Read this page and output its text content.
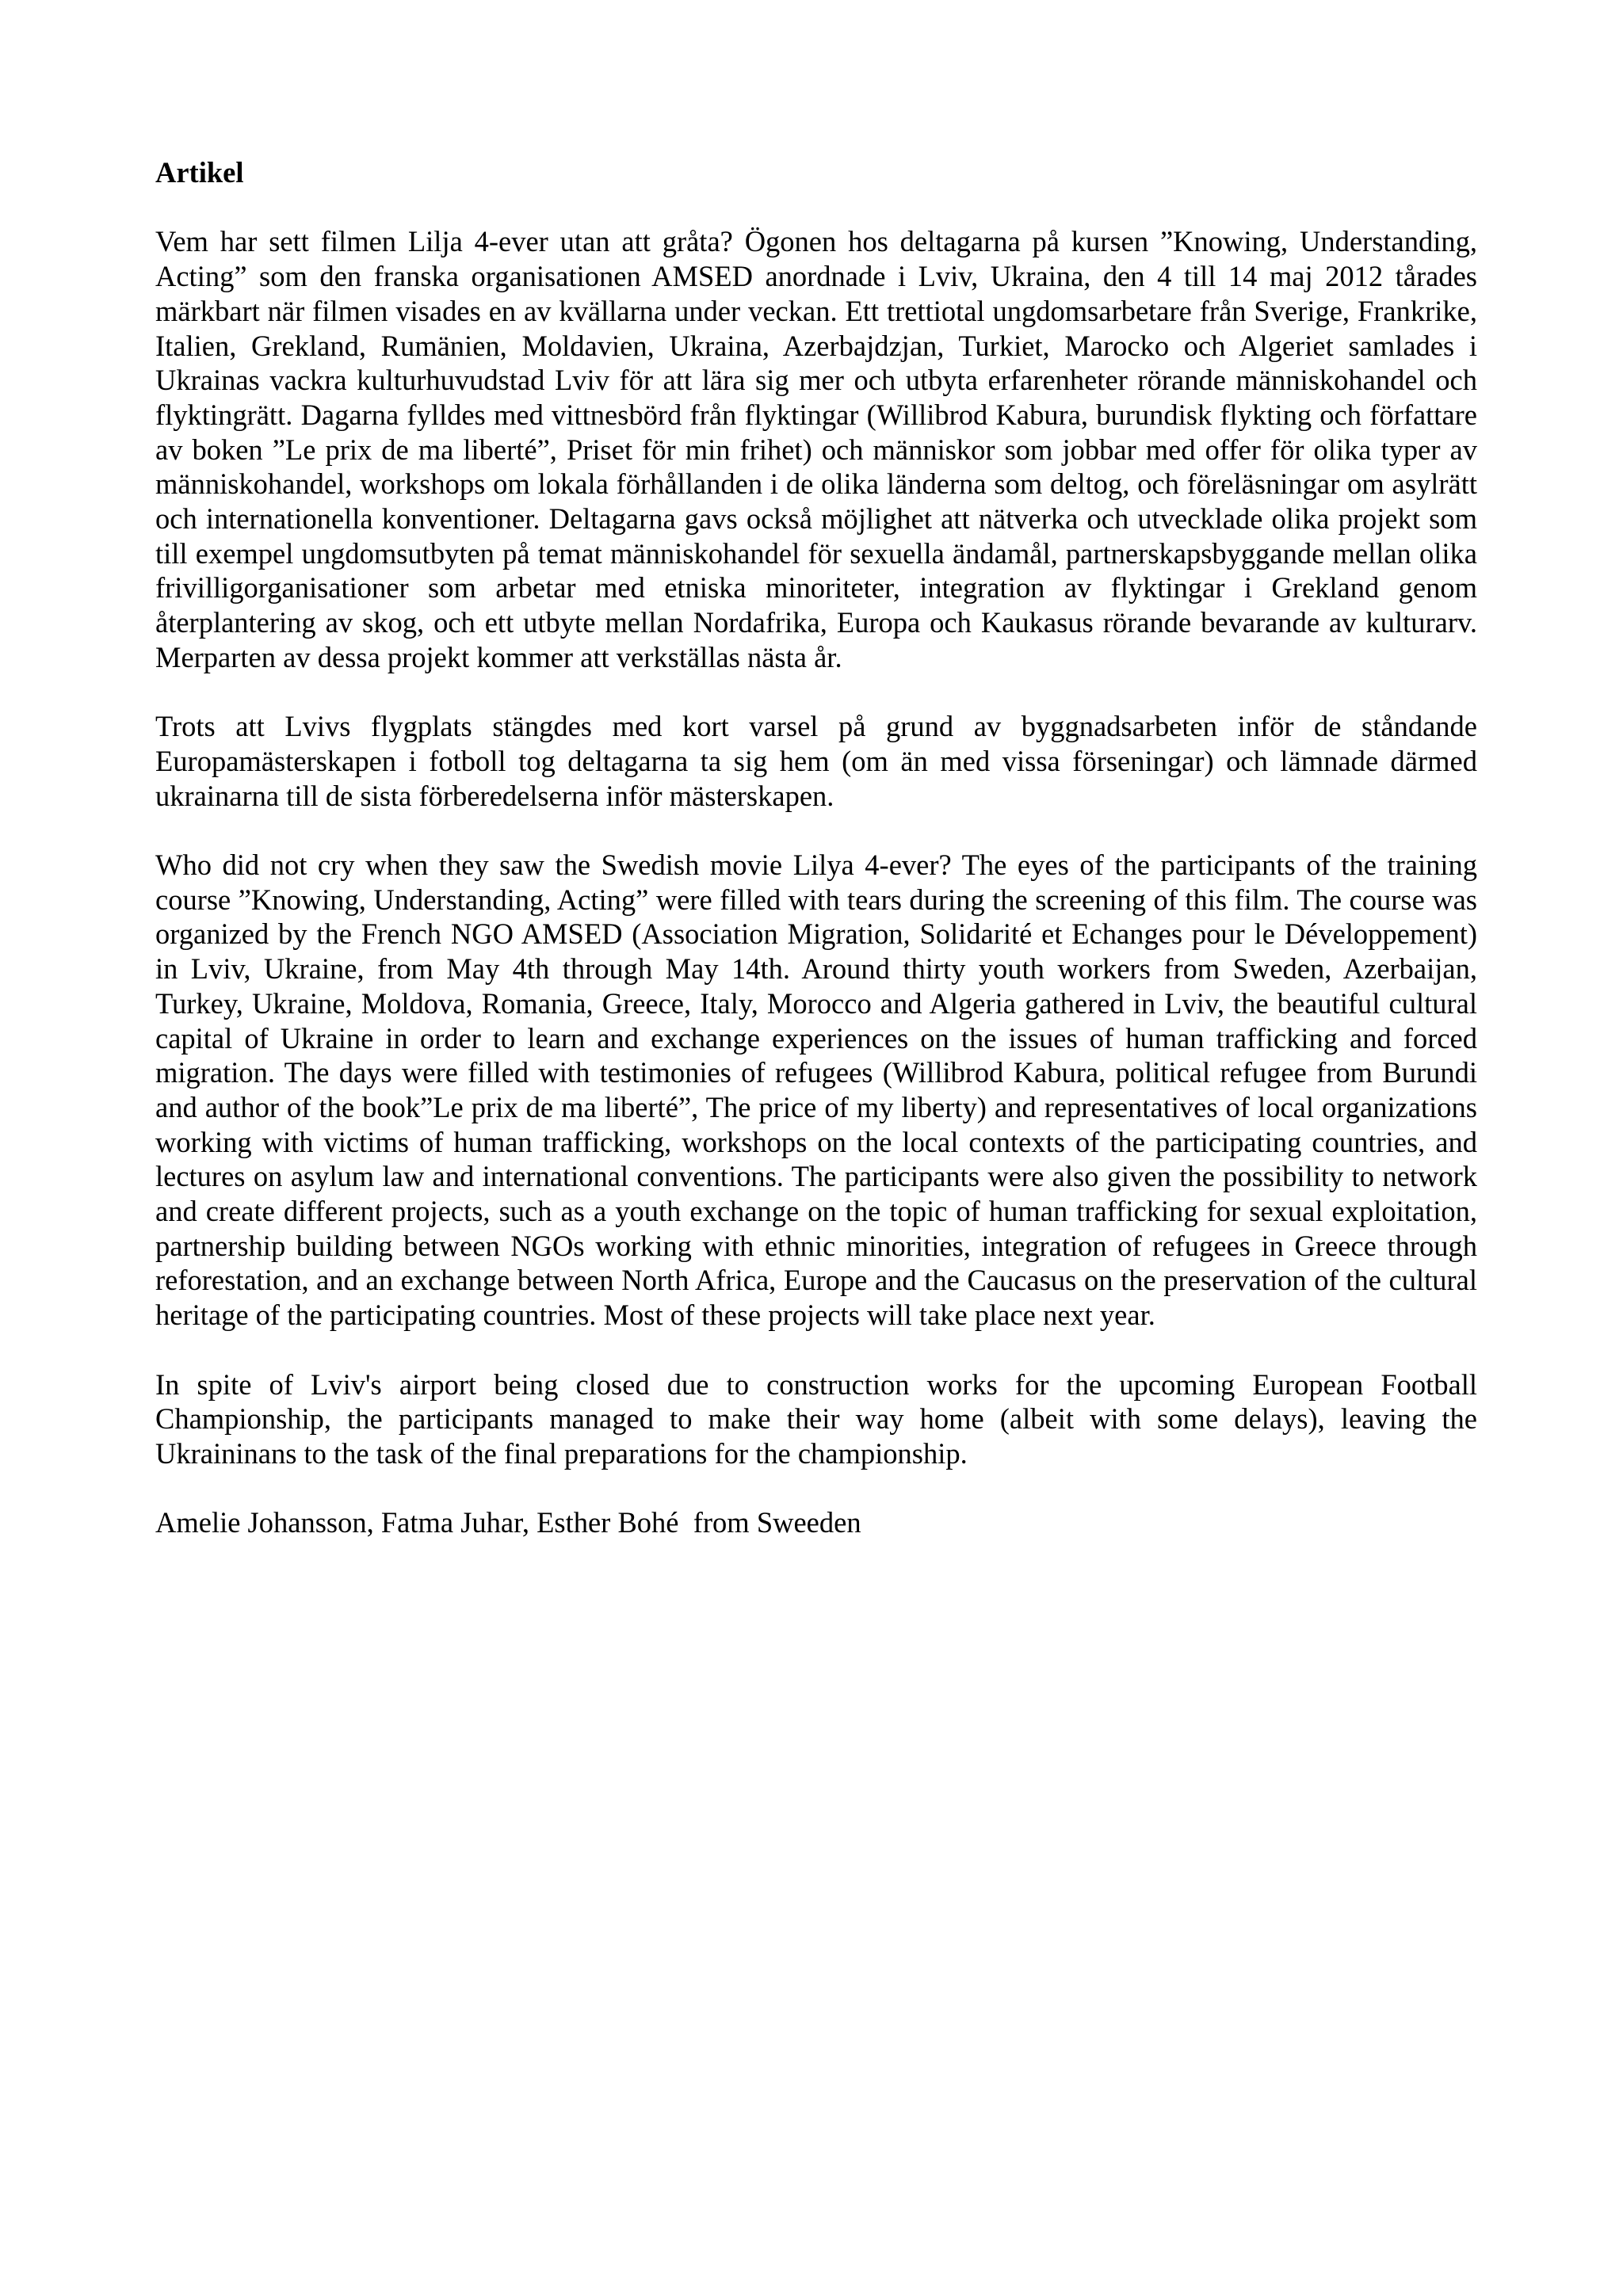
Artikel

Vem har sett filmen Lilja 4-ever utan att gråta? Ögonen hos deltagarna på kursen ”Knowing, Understanding, Acting” som den franska organisationen AMSED anordnade i Lviv, Ukraina, den 4 till 14 maj 2012 tårades märkbart när filmen visades en av kvällarna under veckan. Ett trettiotal ungdomsarbetare från Sverige, Frankrike, Italien, Grekland, Rumänien, Moldavien, Ukraina, Azerbajdzjan, Turkiet, Marocko och Algeriet samlades i Ukrainas vackra kulturhuvudstad Lviv för att lära sig mer och utbyta erfarenheter rörande människohandel och flyktingrätt. Dagarna fylldes med vittnesbörd från flyktingar (Willibrod Kabura, burundisk flykting och författare av boken ”Le prix de ma liberté”, Priset för min frihet) och människor som jobbar med offer för olika typer av människohandel, workshops om lokala förhållanden i de olika länderna som deltog, och föreläsningar om asylrätt och internationella konventioner. Deltagarna gavs också möjlighet att nätverka och utvecklade olika projekt som till exempel ungdomsutbyten på temat människohandel för sexuella ändamål, partnerskapsbyggande mellan olika frivilligorganisationer som arbetar med etniska minoriteter, integration av flyktingar i Grekland genom återplantering av skog, och ett utbyte mellan Nordafrika, Europa och Kaukasus rörande bevarande av kulturarv. Merparten av dessa projekt kommer att verkställas nästa år.

Trots att Lvivs flygplats stängdes med kort varsel på grund av byggnadsarbeten inför de ståndande Europamästerskapen i fotboll tog deltagarna ta sig hem (om än med vissa förseningar) och lämnade därmed ukrainarna till de sista förberedelserna inför mästerskapen.

Who did not cry when they saw the Swedish movie Lilya 4-ever? The eyes of the participants of the training course ”Knowing, Understanding, Acting” were filled with tears during the screening of this film. The course was organized by the French NGO AMSED (Association Migration, Solidarité et Echanges pour le Développement) in Lviv, Ukraine, from May 4th through May 14th. Around thirty youth workers from Sweden, Azerbaijan, Turkey, Ukraine, Moldova, Romania, Greece, Italy, Morocco and Algeria gathered in Lviv, the beautiful cultural capital of Ukraine in order to learn and exchange experiences on the issues of human trafficking and forced migration. The days were filled with testimonies of refugees (Willibrod Kabura, political refugee from Burundi and author of the book”Le prix de ma liberté”, The price of my liberty) and representatives of local organizations working with victims of human trafficking, workshops on the local contexts of the participating countries, and lectures on asylum law and international conventions. The participants were also given the possibility to network and create different projects, such as a youth exchange on the topic of human trafficking for sexual exploitation, partnership building between NGOs working with ethnic minorities, integration of refugees in Greece through reforestation, and an exchange between North Africa, Europe and the Caucasus on the preservation of the cultural heritage of the participating countries. Most of these projects will take place next year.

In spite of Lviv's airport being closed due to construction works for the upcoming European Football Championship, the participants managed to make their way home (albeit with some delays), leaving the Ukraininans to the task of the final preparations for the championship.

Amelie Johansson, Fatma Juhar, Esther Bohé  from Sweeden
